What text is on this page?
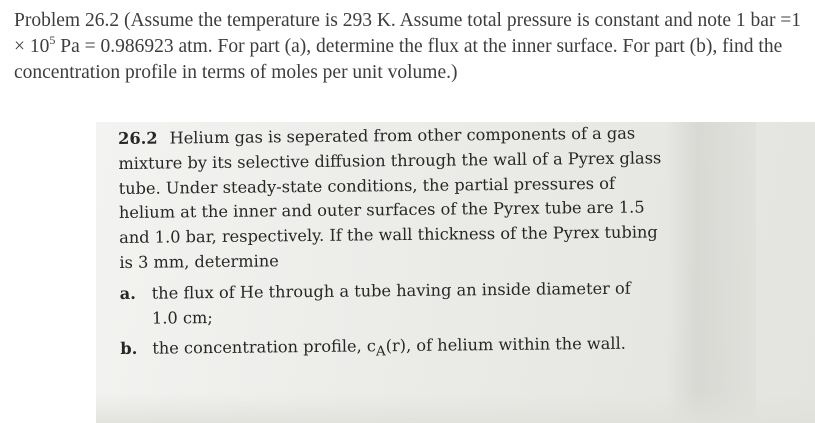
Problem 26.2 (Assume the temperature is 293 K. Assume total pressure is constant and note 1 bar $=1 \times 10^5$ Pa = 0.986923 atm. For part (a), determine the flux at the inner surface. For part (b), find the concentration profile in terms of moles per unit volume.)

26.2 Helium gas is seperated from other components of a gas mixture by its selective diffusion through the wall of a Pyrex glass tube. Under steady-state conditions, the partial pressures of helium at the inner and outer surfaces of the Pyrex tube are 1.5 and 1.0 bar, respectively. If the wall thickness of the Pyrex tubing is 3 mm, determine

a. the flux of He through a tube having an inside diameter of
1.0 cm;
b. the concentration profile, $c_A(r)$, of helium within the wall.
